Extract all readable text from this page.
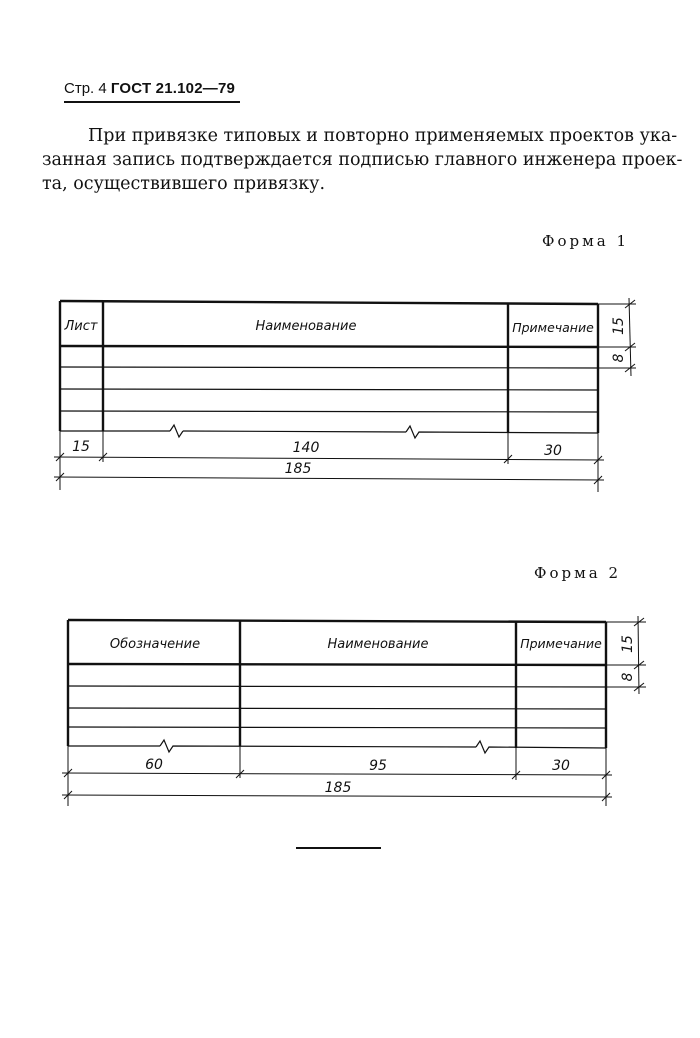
Стр. 4 ГОСТ 21.102—79
При привязке типовых и повторно применяемых проектов ука-
занная запись подтверждается подписью главного инженера проек-
та, осуществившего привязку.
Форма 1
Форма 2
Лист	Наименование	Примечание
15	140	30
185
15
8
Обозначение	Наименование	Примечание
60	95	30
185
15
8
